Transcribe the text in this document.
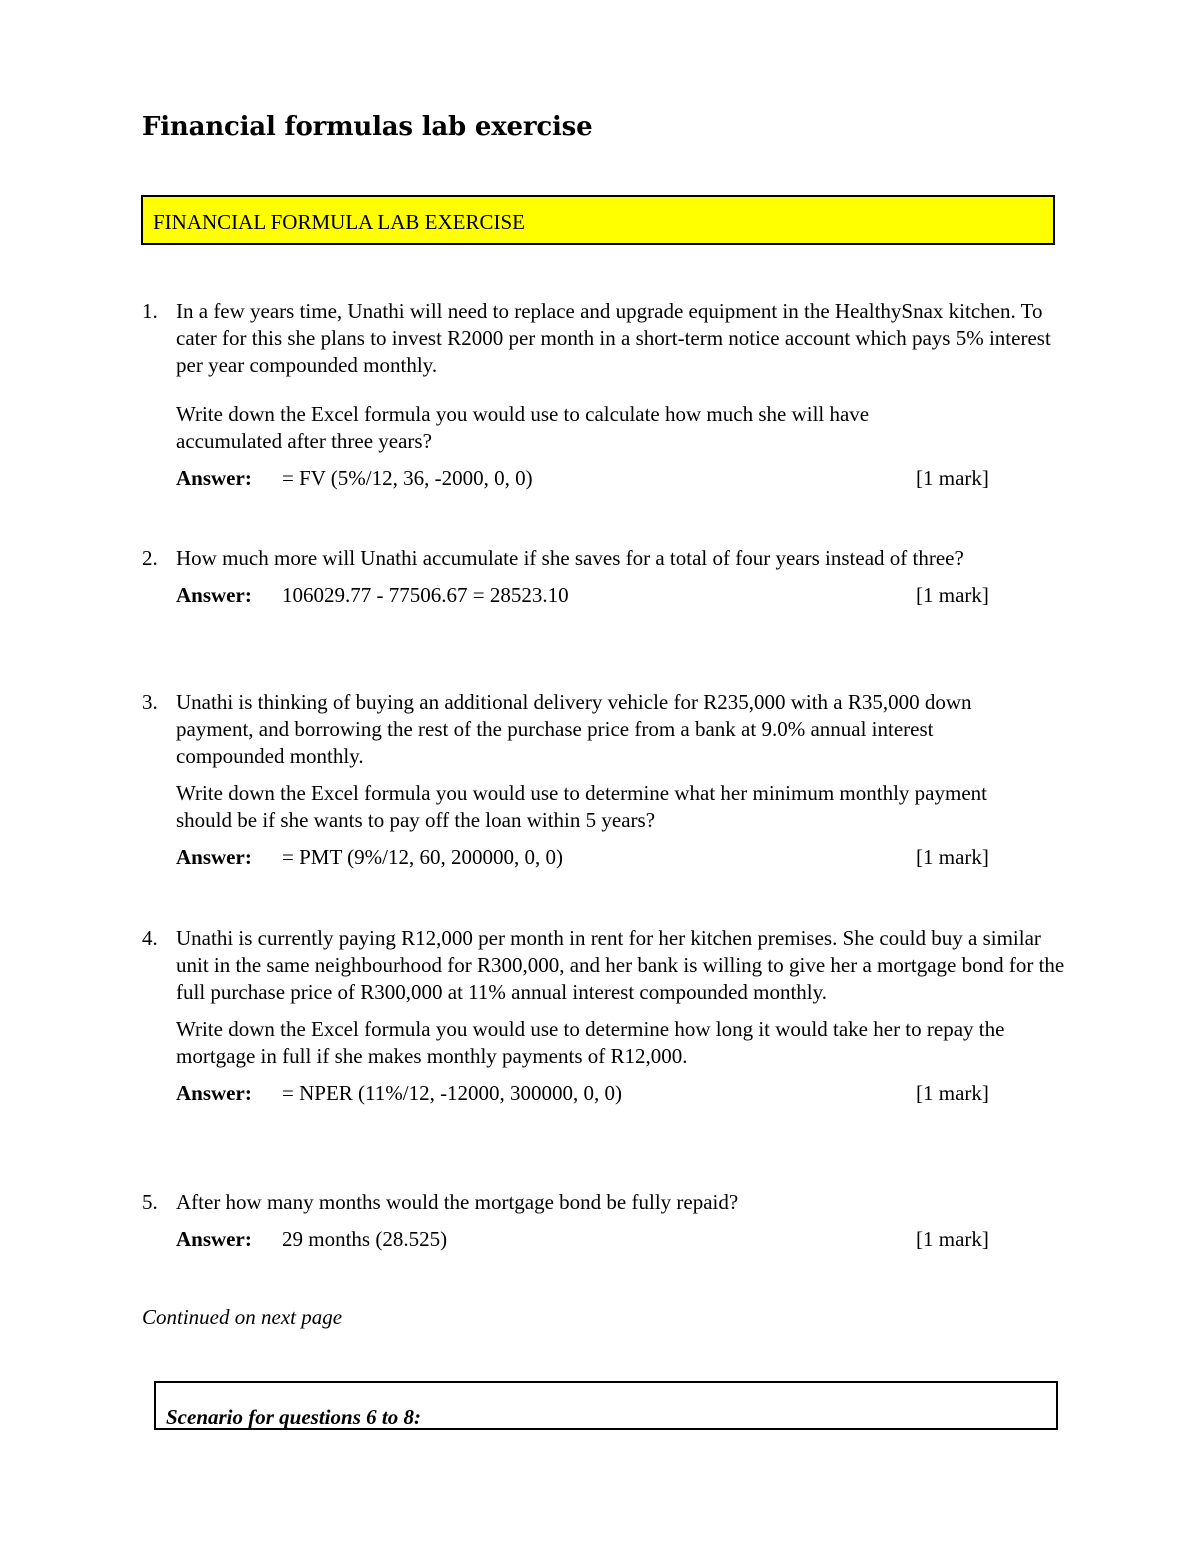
Financial formulas lab exercise
FINANCIAL FORMULA LAB EXERCISE
1. In a few years time, Unathi will need to replace and upgrade equipment in the HealthySnax kitchen. To cater for this she plans to invest R2000 per month in a short-term notice account which pays 5% interest per year compounded monthly.

Write down the Excel formula you would use to calculate how much she will have accumulated after three years?

Answer: = FV (5%/12, 36, -2000, 0, 0)	[1 mark]
2. How much more will Unathi accumulate if she saves for a total of four years instead of three?

Answer: 106029.77 - 77506.67 = 28523.10	[1 mark]
3. Unathi is thinking of buying an additional delivery vehicle for R235,000 with a R35,000 down payment, and borrowing the rest of the purchase price from a bank at 9.0% annual interest compounded monthly.

Write down the Excel formula you would use to determine what her minimum monthly payment should be if she wants to pay off the loan within 5 years?

Answer: = PMT (9%/12, 60, 200000, 0, 0)	[1 mark]
4. Unathi is currently paying R12,000 per month in rent for her kitchen premises. She could buy a similar unit in the same neighbourhood for R300,000, and her bank is willing to give her a mortgage bond for the full purchase price of R300,000 at 11% annual interest compounded monthly.

Write down the Excel formula you would use to determine how long it would take her to repay the mortgage in full if she makes monthly payments of R12,000.

Answer: = NPER (11%/12, -12000, 300000, 0, 0)	[1 mark]
5. After how many months would the mortgage bond be fully repaid?

Answer: 29 months (28.525)	[1 mark]
Continued on next page
Scenario for questions 6 to 8:
